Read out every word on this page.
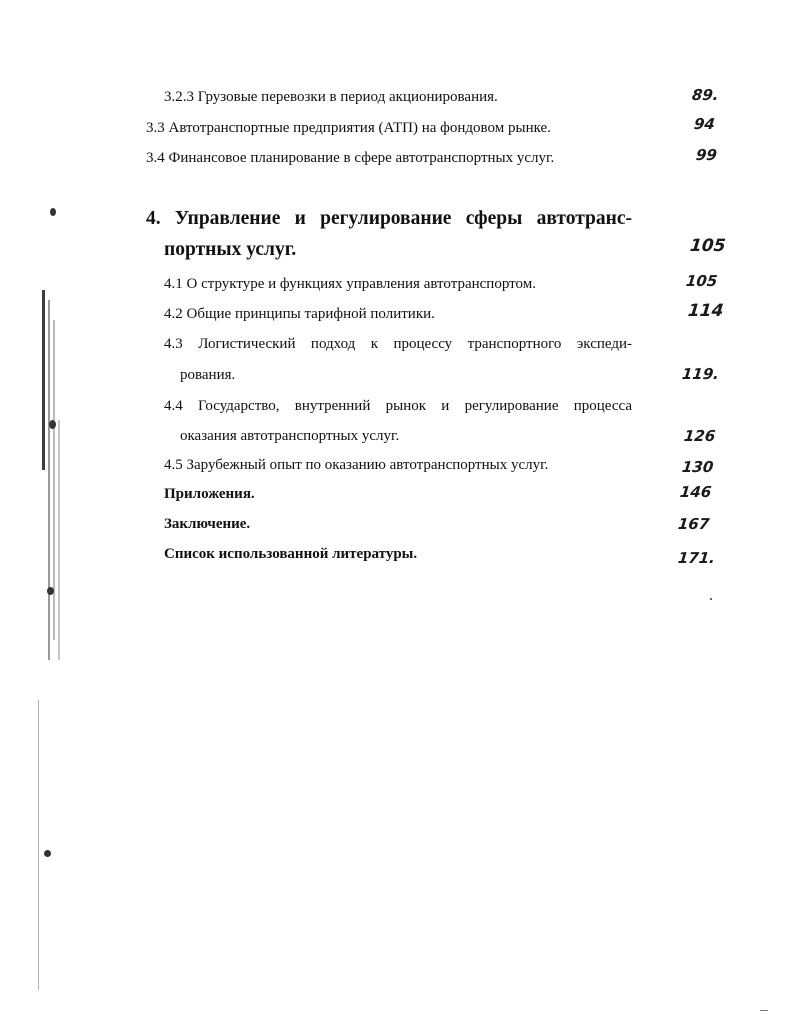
3.2.3 Грузовые перевозки в период акционирования.	89.
3.3 Автотранспортные предприятия (АТП) на фондовом рынке.	94
3.4 Финансовое планирование в сфере автотранспортных услуг.	99
4. Управление и регулирование сферы автотранс-
портных услуг.	105
4.1 О структуре и функциях управления автотранспортом.	105
4.2 Общие принципы тарифной политики.	114
4.3 Логистический подход к процессу транспортного экспеди-
рования.	119.
4.4 Государство, внутренний рынок и регулирование процесса
оказания автотранспортных услуг.	126
4.5 Зарубежный опыт по оказанию автотранспортных услуг.	130
Приложения.	146
Заключение.	167
Список использованной литературы.	171.
